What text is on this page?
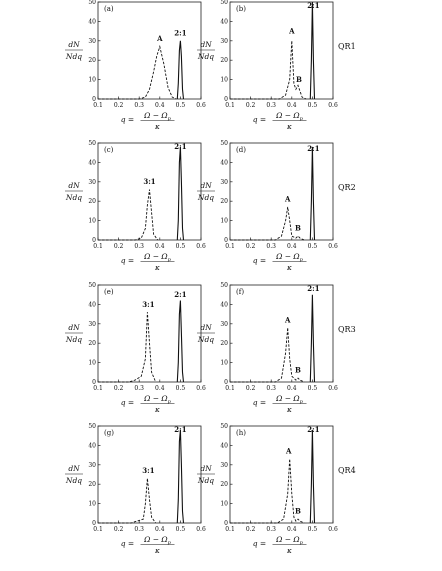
0
10
20
30
40
50
0.1 0.2 0.3 0.4 0.5 0.6
A
2:1
(a)
dN
Ndq
$q = \Omega - \Omega_p$
κ
0
10
20
30
40
50
0.1 0.2 0.3 0.4 0.5 0.6
A
B
2:1
(b)
dN
Ndq
$q = \Omega - \Omega_p$
κ
QR1
0
10
20
30
40
50
0.1 0.2 0.3 0.4 0.5 0.6
3:1
2:1
(c)
dN
Ndq
$q = \Omega - \Omega_p$
κ
0
10
20
30
40
50
0.1 0.2 0.3 0.4 0.5 0.6
A
B
2:1
(d)
dN
Ndq
$q = \Omega - \Omega_p$
κ
QR2
0
10
20
30
40
50
0.1 0.2 0.3 0.4 0.5 0.6
3:1
2:1
(e)
dN
Ndq
$q = \Omega - \Omega_p$
κ
0
10
20
30
40
50
0.1 0.2 0.3 0.4 0.5 0.6
A
B
2:1
(f)
dN
Ndq
$q = \Omega - \Omega_p$
κ
QR3
0
10
20
30
40
50
0.1 0.2 0.3 0.4 0.5 0.6
3:1
2:1
(g)
dN
Ndq
$q = \Omega - \Omega_p$
κ
0
10
20
30
40
50
0.1 0.2 0.3 0.4 0.5 0.6
A
B
2:1
(h)
dN
Ndq
$q = \Omega - \Omega_p$
κ
QR4
